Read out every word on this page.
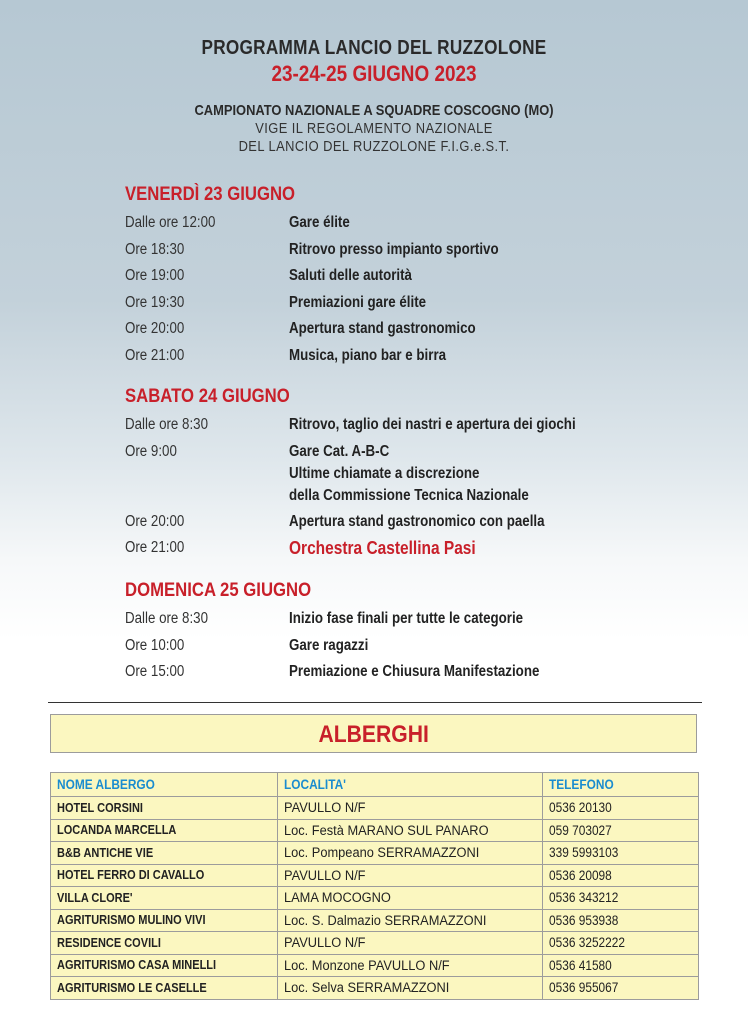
PROGRAMMA LANCIO DEL RUZZOLONE
23-24-25 GIUGNO 2023
CAMPIONATO NAZIONALE A SQUADRE COSCOGNO (MO)
VIGE IL REGOLAMENTO NAZIONALE
DEL LANCIO DEL RUZZOLONE F.I.G.e.S.T.
VENERDÌ 23 GIUGNO
Dalle ore 12:00	Gare élite
Ore 18:30	Ritrovo presso impianto sportivo
Ore 19:00	Saluti delle autorità
Ore 19:30	Premiazioni gare élite
Ore 20:00	Apertura stand gastronomico
Ore 21:00	Musica, piano bar e birra
SABATO 24 GIUGNO
Dalle ore 8:30	Ritrovo, taglio dei nastri e apertura dei giochi
Ore 9:00	Gare Cat. A-B-C
Ultime chiamate a discrezione
della Commissione Tecnica Nazionale
Ore 20:00	Apertura stand gastronomico con paella
Ore 21:00	Orchestra Castellina Pasi
DOMENICA 25 GIUGNO
Dalle ore 8:30	Inizio fase finali per tutte le categorie
Ore 10:00	Gare ragazzi
Ore 15:00	Premiazione e Chiusura Manifestazione
ALBERGHI
NOME ALBERGO	LOCALITA'	TELEFONO
HOTEL CORSINI	PAVULLO N/F	0536 20130
LOCANDA MARCELLA	Loc. Festà MARANO SUL PANARO	059 703027
B&B ANTICHE VIE	Loc. Pompeano SERRAMAZZONI	339 5993103
HOTEL FERRO DI CAVALLO	PAVULLO N/F	0536 20098
VILLA CLORE'	LAMA MOCOGNO	0536 343212
AGRITURISMO MULINO VIVI	Loc. S. Dalmazio SERRAMAZZONI	0536 953938
RESIDENCE COVILI	PAVULLO N/F	0536 3252222
AGRITURISMO CASA MINELLI	Loc. Monzone PAVULLO N/F	0536 41580
AGRITURISMO LE CASELLE	Loc. Selva SERRAMAZZONI	0536 955067
